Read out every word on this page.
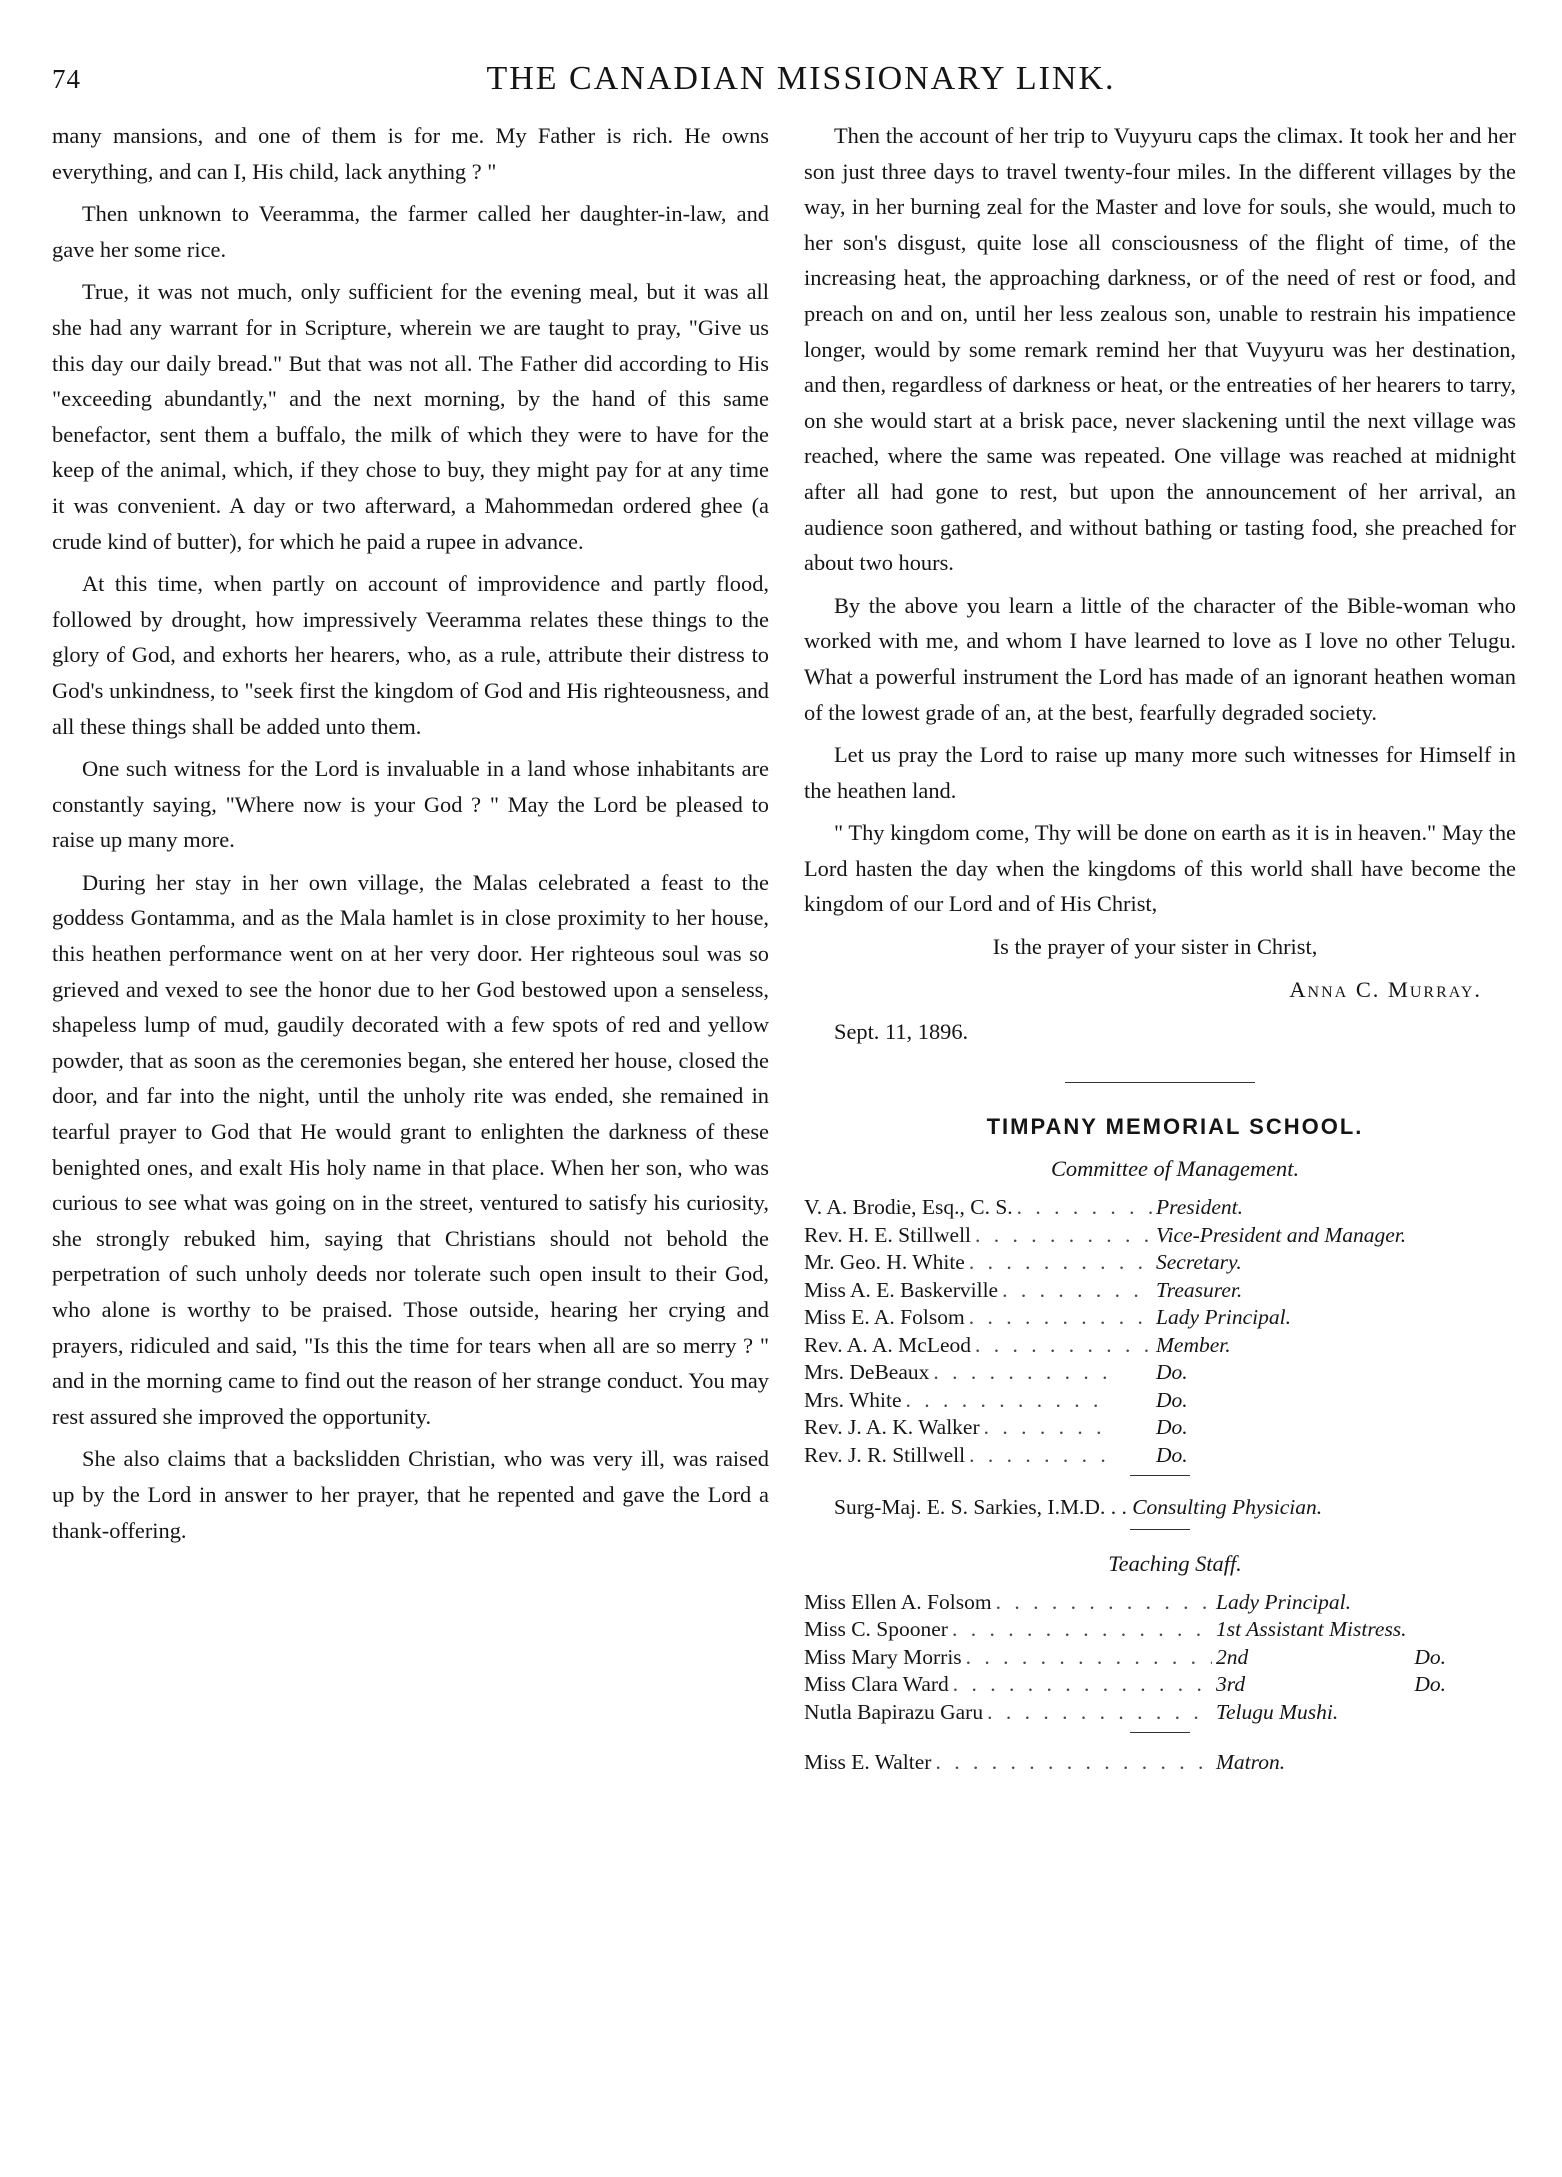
74	THE CANADIAN MISSIONARY LINK.

many mansions, and one of them is for me. My Father is rich. He owns everything, and can I, His child, lack anything ? "

Then unknown to Veeramma, the farmer called her daughter-in-law, and gave her some rice.

True, it was not much, only sufficient for the evening meal, but it was all she had any warrant for in Scripture, wherein we are taught to pray, "Give us this day our daily bread." But that was not all. The Father did according to His "exceeding abundantly," and the next morning, by the hand of this same benefactor, sent them a buffalo, the milk of which they were to have for the keep of the animal, which, if they chose to buy, they might pay for at any time it was convenient. A day or two afterward, a Mahommedan ordered ghee (a crude kind of butter), for which he paid a rupee in advance.

At this time, when partly on account of improvidence and partly flood, followed by drought, how impressively Veeramma relates these things to the glory of God, and exhorts her hearers, who, as a rule, attribute their distress to God's unkindness, to "seek first the kingdom of God and His righteousness, and all these things shall be added unto them.

One such witness for the Lord is invaluable in a land whose inhabitants are constantly saying, "Where now is your God ? " May the Lord be pleased to raise up many more.

During her stay in her own village, the Malas celebrated a feast to the goddess Gontamma, and as the Mala hamlet is in close proximity to her house, this heathen performance went on at her very door. Her righteous soul was so grieved and vexed to see the honor due to her God bestowed upon a senseless, shapeless lump of mud, gaudily decorated with a few spots of red and yellow powder, that as soon as the ceremonies began, she entered her house, closed the door, and far into the night, until the unholy rite was ended, she remained in tearful prayer to God that He would grant to enlighten the darkness of these benighted ones, and exalt His holy name in that place. When her son, who was curious to see what was going on in the street, ventured to satisfy his curiosity, she strongly rebuked him, saying that Christians should not behold the perpetration of such unholy deeds nor tolerate such open insult to their God, who alone is worthy to be praised. Those outside, hearing her crying and prayers, ridiculed and said, "Is this the time for tears when all are so merry ? " and in the morning came to find out the reason of her strange conduct. You may rest assured she improved the opportunity.

She also claims that a backslidden Christian, who was very ill, was raised up by the Lord in answer to her prayer, that he repented and gave the Lord a thank-offering.

Then the account of her trip to Vuyyuru caps the climax. It took her and her son just three days to travel twenty-four miles. In the different villages by the way, in her burning zeal for the Master and love for souls, she would, much to her son's disgust, quite lose all consciousness of the flight of time, of the increasing heat, the approaching darkness, or of the need of rest or food, and preach on and on, until her less zealous son, unable to restrain his impatience longer, would by some remark remind her that Vuyyuru was her destination, and then, regardless of darkness or heat, or the entreaties of her hearers to tarry, on she would start at a brisk pace, never slackening until the next village was reached, where the same was repeated. One village was reached at midnight after all had gone to rest, but upon the announcement of her arrival, an audience soon gathered, and without bathing or tasting food, she preached for about two hours.

By the above you learn a little of the character of the Bible-woman who worked with me, and whom I have learned to love as I love no other Telugu. What a powerful instrument the Lord has made of an ignorant heathen woman of the lowest grade of an, at the best, fearfully degraded society.

Let us pray the Lord to raise up many more such witnesses for Himself in the heathen land.

" Thy kingdom come, Thy will be done on earth as it is in heaven." May the Lord hasten the day when the kingdoms of this world shall have become the kingdom of our Lord and of His Christ,

Is the prayer of your sister in Christ,

Anna C. Murray.

Sept. 11, 1896.

TIMPANY MEMORIAL SCHOOL.

Committee of Management.

V. A. Brodie, Esq., C. S. . . .	President.
Rev. H. E. Stillwell . . .	Vice-President and Manager.
Mr. Geo. H. White . . .	Secretary.
Miss A. E. Baskerville . . .	Treasurer.
Miss E. A. Folsom . . .	Lady Principal.
Rev. A. A. McLeod . . .	Member.
Mrs. DeBeaux . . .	Do.
Mrs. White . . .	Do.
Rev. J. A. K. Walker . . .	Do.
Rev. J. R. Stillwell . . .	Do.

Surg-Maj. E. S. Sarkies, I.M.D. . . Consulting Physician.

Teaching Staff.

Miss Ellen A. Folsom . . .	Lady Principal.
Miss C. Spooner . . .	1st Assistant Mistress.
Miss Mary Morris . . .	2nd	Do.
Miss Clara Ward . . .	3rd	Do.
Nutla Bapirazu Garu . . .	Telugu Mushi.
Miss E. Walter . . .	Matron.
